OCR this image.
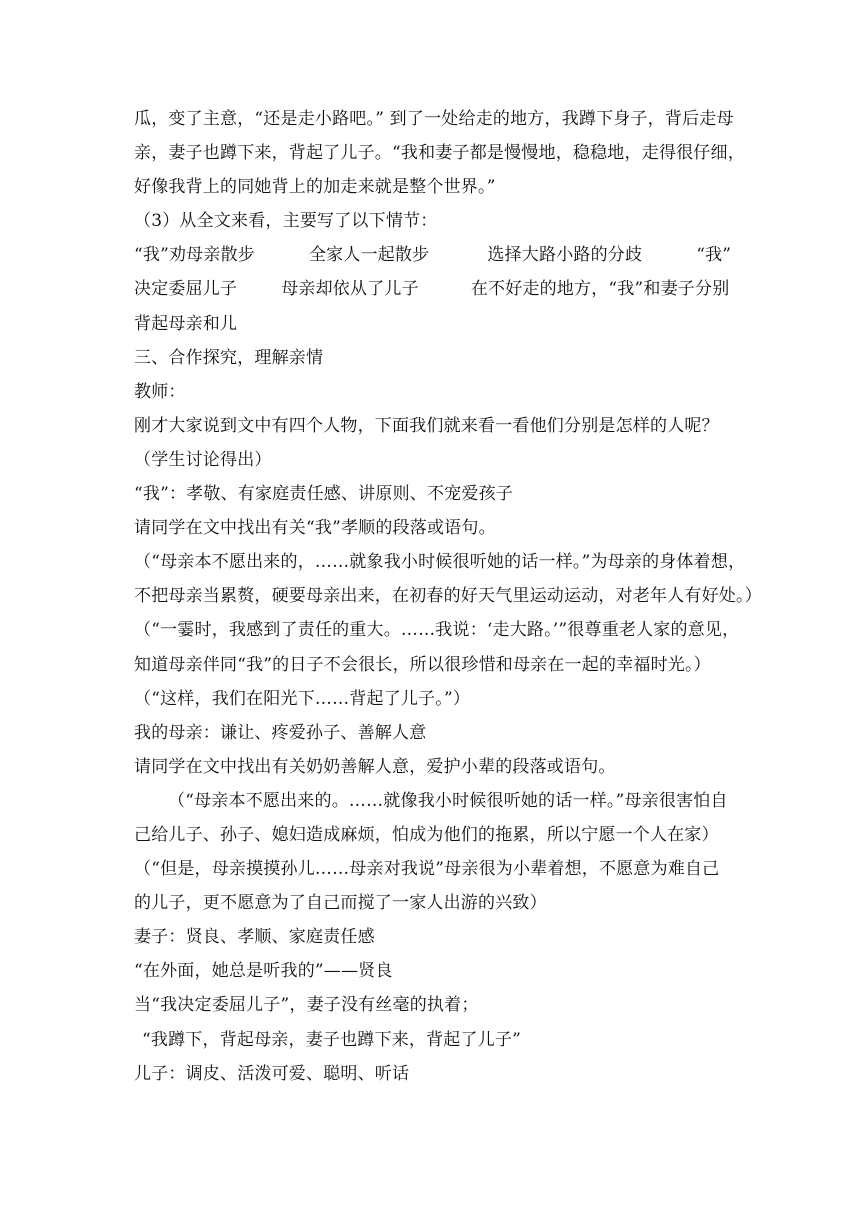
瓜，变了主意，“还是走小路吧。” 到了一处给走的地方，我蹲下身子，背后走母
亲，妻子也蹲下来，背起了儿子。“我和妻子都是慢慢地，稳稳地，走得很仔细，
好像我背上的同她背上的加走来就是整个世界。”
（3）从全文来看，主要写了以下情节：
“我”劝母亲散步	全家人一起散步	选择大路小路的分歧	“我”
决定委屈儿子	母亲却依从了儿子	在不好走的地方，“我”和妻子分别
背起母亲和儿
三、合作探究，理解亲情
教师：
刚才大家说到文中有四个人物，下面我们就来看一看他们分别是怎样的人呢？
（学生讨论得出）
“我”：孝敬、有家庭责任感、讲原则、不宠爱孩子
请同学在文中找出有关“我”孝顺的段落或语句。
（“母亲本不愿出来的，……就象我小时候很听她的话一样。”为母亲的身体着想，
不把母亲当累赘，硬要母亲出来，在初春的好天气里运动运动，对老年人有好处。）
（“一霎时，我感到了责任的重大。……我说：‘走大路。’”很尊重老人家的意见，
知道母亲伴同“我”的日子不会很长，所以很珍惜和母亲在一起的幸福时光。）
（“这样，我们在阳光下……背起了儿子。”）
我的母亲：谦让、疼爱孙子、善解人意
请同学在文中找出有关奶奶善解人意，爱护小辈的段落或语句。
（“母亲本不愿出来的。……就像我小时候很听她的话一样。”母亲很害怕自
己给儿子、孙子、媳妇造成麻烦，怕成为他们的拖累，所以宁愿一个人在家）
（“但是，母亲摸摸孙儿……母亲对我说”母亲很为小辈着想，不愿意为难自己
的儿子，更不愿意为了自己而搅了一家人出游的兴致）
妻子：贤良、孝顺、家庭责任感
“在外面，她总是听我的”——贤良
当“我决定委屈儿子”，妻子没有丝毫的执着；
“我蹲下，背起母亲，妻子也蹲下来，背起了儿子”
儿子：调皮、活泼可爱、聪明、听话
